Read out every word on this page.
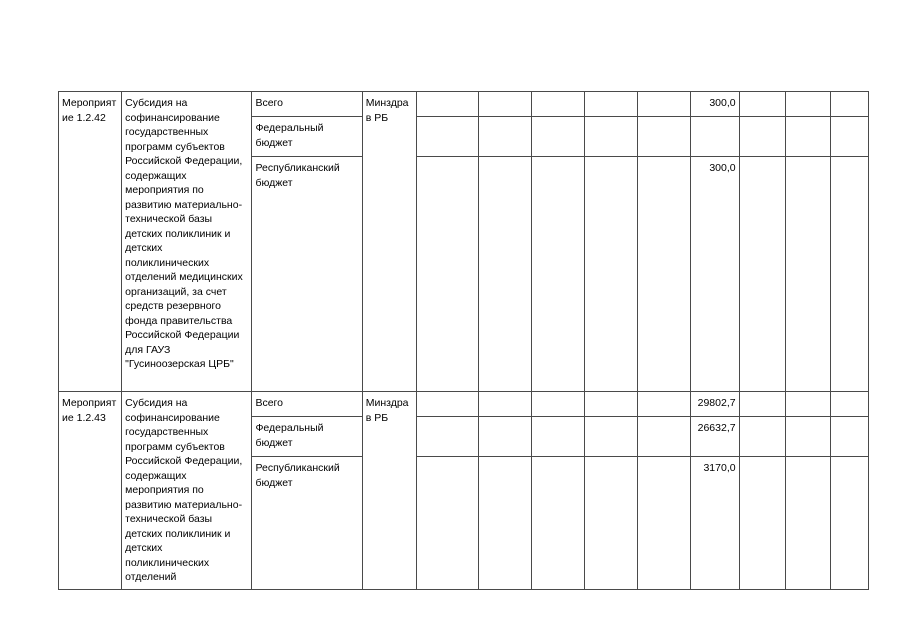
Мероприятие 1.2.42	Субсидия на софинансирование государственных программ субъектов Российской Федерации, содержащих мероприятия по развитию материально-технической базы детских поликлиник и детских поликлинических отделений медицинских организаций, за счет средств резервного фонда правительства Российской Федерации для ГАУЗ "Гусиноозерская ЦРБ"	Всего	Минздрав РБ						300,0			
		Федеральный бюджет										
		Республиканский бюджет							300,0			
Мероприятие 1.2.43	Субсидия на софинансирование государственных программ субъектов Российской Федерации, содержащих мероприятия по развитию материально-технической базы детских поликлиник и детских поликлинических отделений	Всего	Минздрав РБ						29802,7			
		Федеральный бюджет							26632,7			
		Республиканский бюджет							3170,0			
